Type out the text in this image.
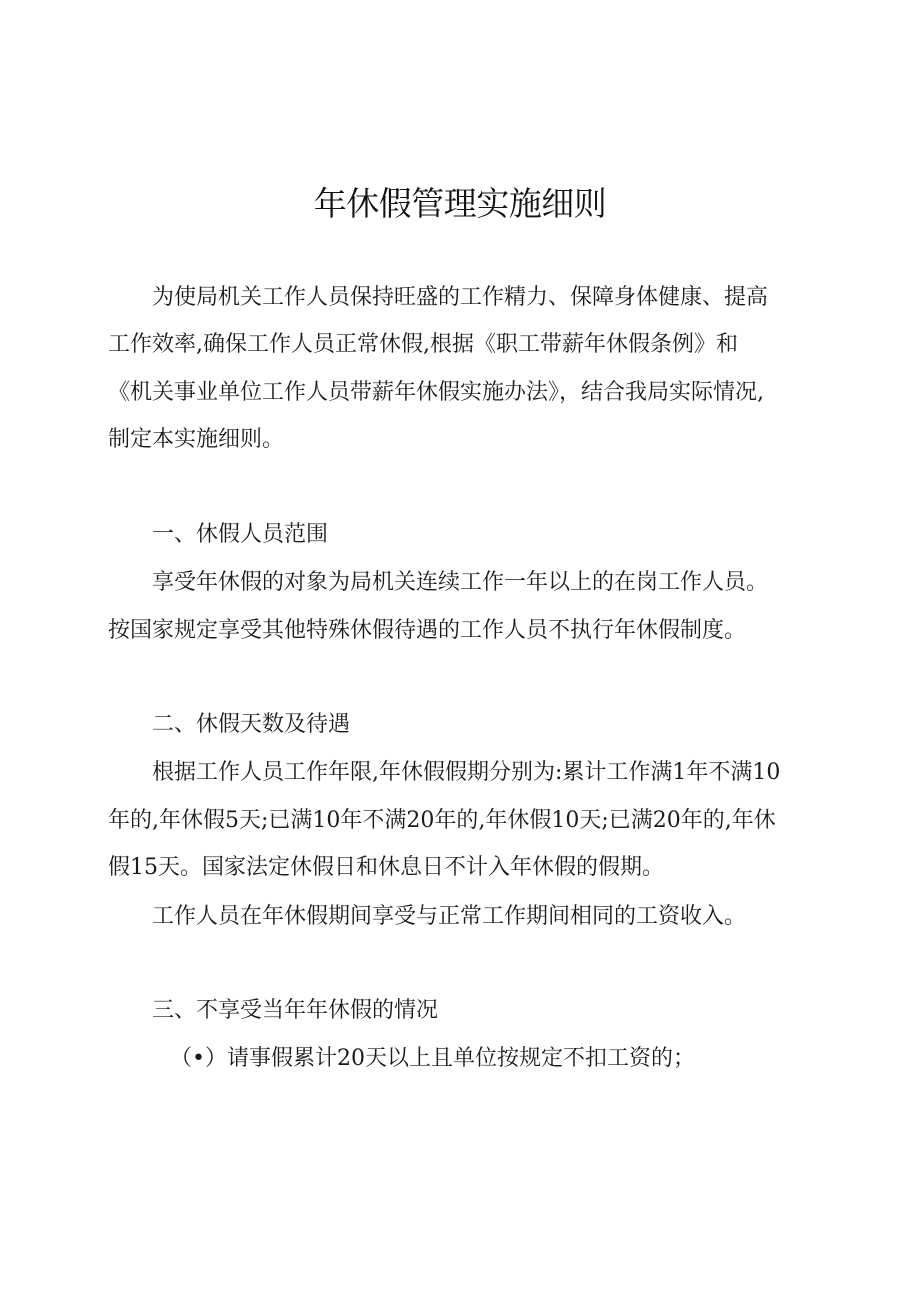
年休假管理实施细则
为使局机关工作人员保持旺盛的工作精力、保障身体健康、提高
工作效率,确保工作人员正常休假,根据《职工带薪年休假条例》和
《机关事业单位工作人员带薪年休假实施办法》，结合我局实际情况,
制定本实施细则。
一、休假人员范围
享受年休假的对象为局机关连续工作一年以上的在岗工作人员。
按国家规定享受其他特殊休假待遇的工作人员不执行年休假制度。
二、休假天数及待遇
根据工作人员工作年限,年休假假期分别为:累计工作满1年不满10
年的,年休假5天;已满10年不满20年的,年休假10天;已满20年的,年休
假15天。国家法定休假日和休息日不计入年休假的假期。
工作人员在年休假期间享受与正常工作期间相同的工资收入。
三、不享受当年年休假的情况
（•）请事假累计20天以上且单位按规定不扣工资的；
